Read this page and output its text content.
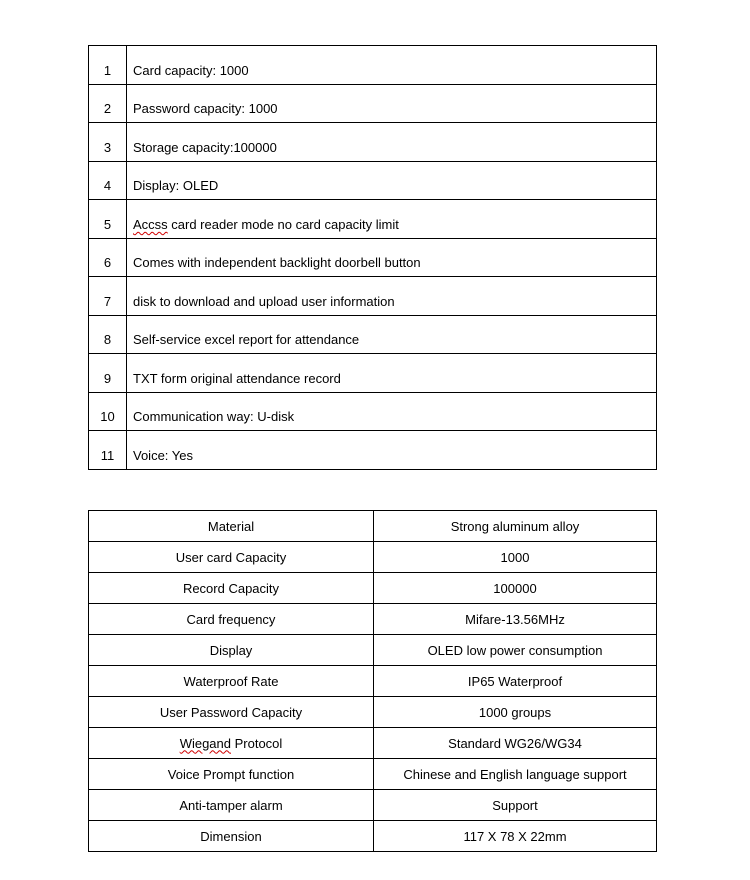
1	Card capacity: 1000
2	Password capacity: 1000
3	Storage capacity:100000
4	Display: OLED
5	Accss card reader mode no card capacity limit
6	Comes with independent backlight doorbell button
7	disk to download and upload user information
8	Self-service excel report for attendance
9	TXT form original attendance record
10	Communication way: U-disk
11	Voice: Yes
Material	Strong aluminum alloy
User card Capacity	1000
Record Capacity	100000
Card frequency	Mifare-13.56MHz
Display	OLED low power consumption
Waterproof Rate	IP65 Waterproof
User Password Capacity	1000 groups
Wiegand Protocol	Standard WG26/WG34
Voice Prompt function	Chinese and English language support
Anti-tamper alarm	Support
Dimension	117 X 78 X 22mm
